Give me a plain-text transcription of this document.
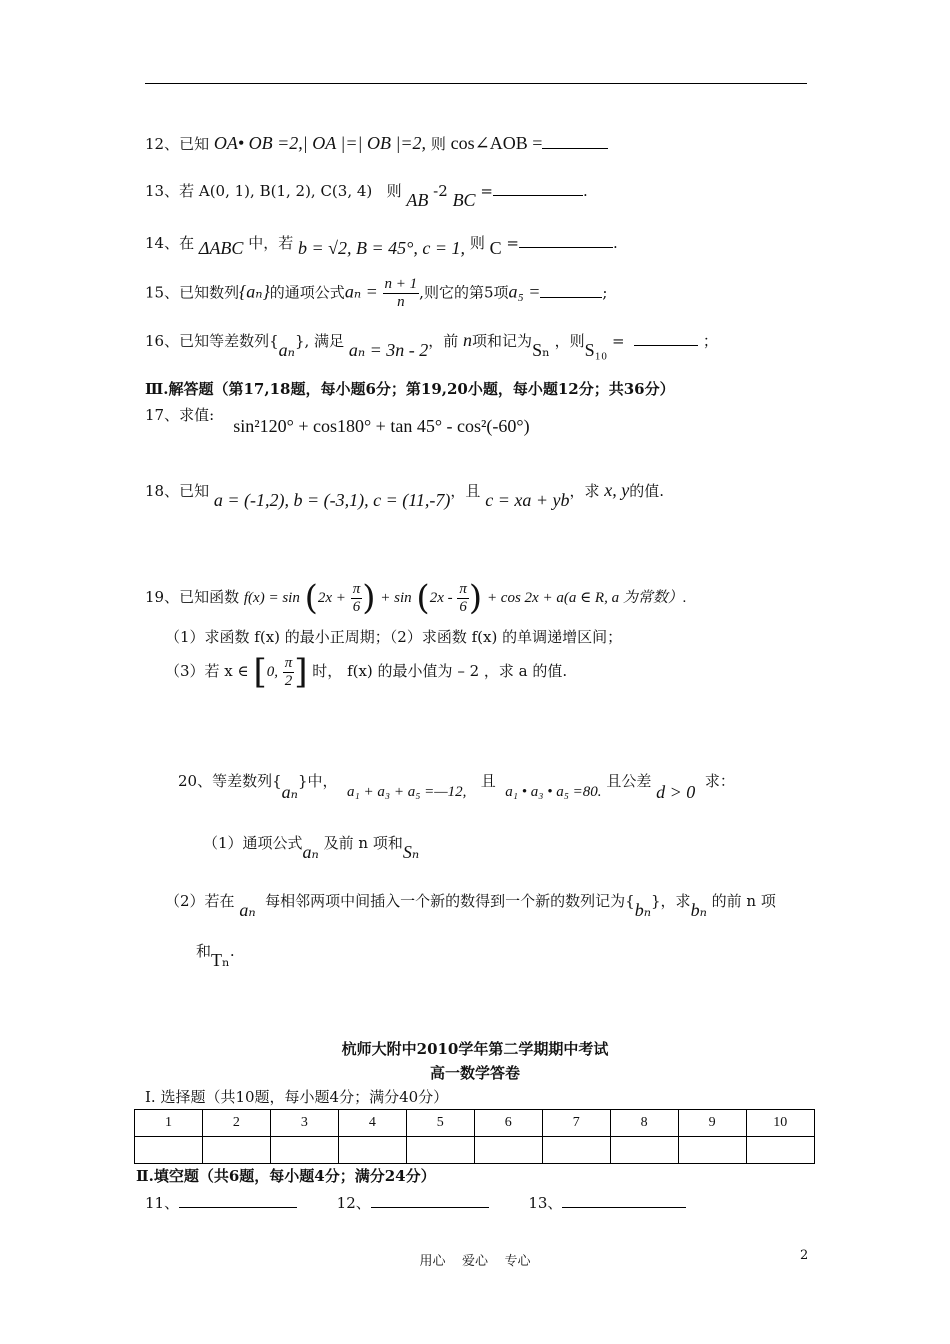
12、已知 OA• OB =2,| OA |=| OB |=2, 则 cos∠AOB =
13、若 A(0, 1), B(1, 2), C(3, 4) 则 AB -2 BC =	.
14、在 ΔABC 中，若 b = √2, B = 45°, c = 1, 则 C =	.
15、已知数列{aₙ}的通项公式$a_n = \frac{n + 1}{n}$ ,则它的第5项a₅ =	;
16、已知等差数列{aₙ}, 满足 aₙ = 3n - 2，前 n项和记为Sₙ ，则S₁₀ =	；
Ⅲ.解答题（第17,18题，每小题6分；第19,20小题，每小题12分；共36分）
17、求值:    sin²120° + cos180° + tan 45° - cos²(-60°)
18、已知 a = (-1,2), b = (-3,1), c = (11,-7)，且 c = xa + yb，求 x, y的值.
19、已知函数 $f(x) = \sin (2x + \frac{\pi}{6}$ ) + $\sin (2x - \frac{\pi}{6}$ ) + cos 2x + a(a ∈ R, a 为常数）.
（1）求函数 f(x) 的最小正周期；（2）求函数 f(x) 的单调递增区间；
（3）若 x ∈ [0, $\frac{\pi}{2}$ ] 时， f(x) 的最小值为 – 2 ，求 a 的值.
20、等差数列{aₙ}中，  a₁ + a₃ + a₅ =—12,   且  a₁ • a₃ • a₅ =80. 且公差 d > 0  求：
（1）通项公式aₙ 及前 n 项和Sₙ
（2）若在 aₙ 每相邻两项中间插入一个新的数得到一个新的数列记为{bₙ}，求bₙ 的前 n 项
和Tₙ.
杭师大附中2010学年第二学期期中考试
高一数学答卷
Ⅰ. 选择题（共10题，每小题4分；满分40分）
1	2	3	4	5	6	7	8	9	10

Ⅱ.填空题（共6题，每小题4分；满分24分）
11、	12、	13、
用心    爱心    专心	2
